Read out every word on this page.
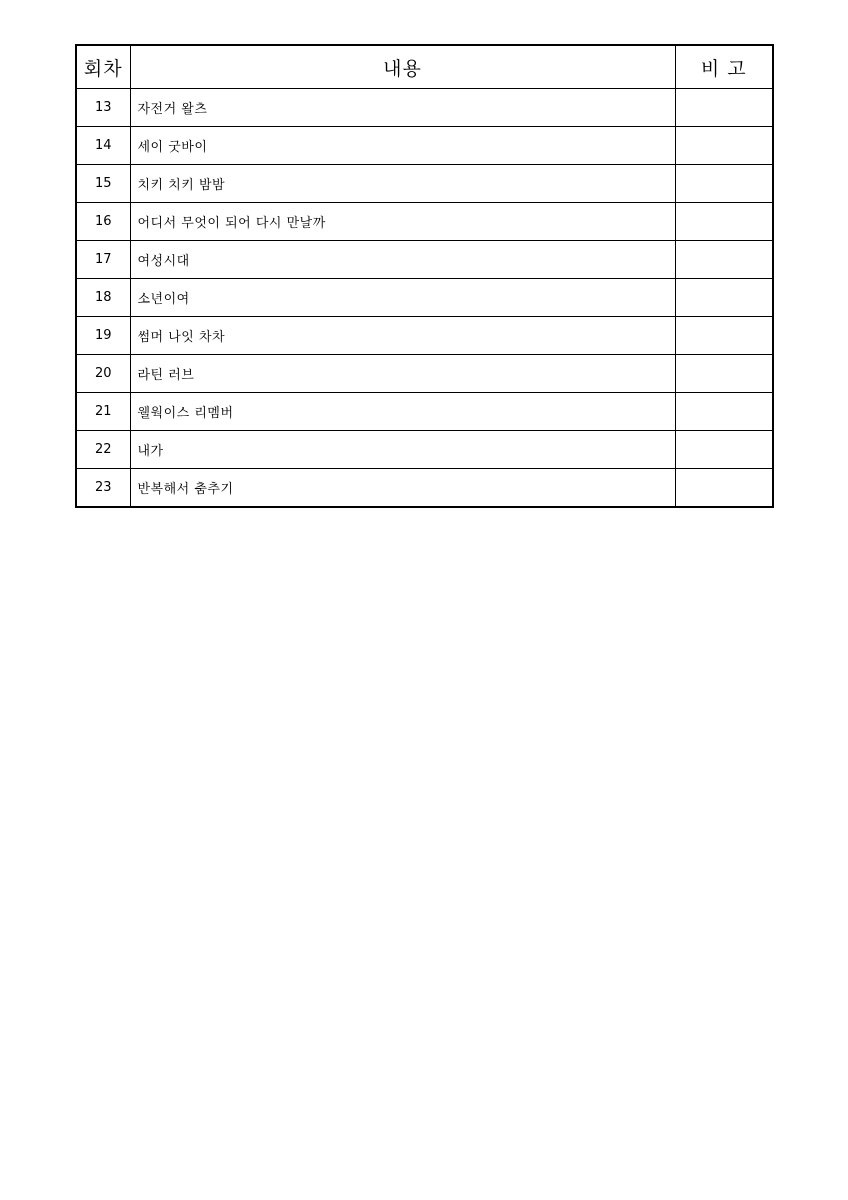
회차	내용	비 고
13	자전거 왈츠	
14	세이 굿바이	
15	치키 치키 밤밤	
16	어디서 무엇이 되어 다시 만날까	
17	여성시대	
18	소년이여	
19	썸머 나잇 차차	
20	라틴 러브	
21	웰웍이스 리멤버	
22	내가	
23	반복해서 춤추기	
